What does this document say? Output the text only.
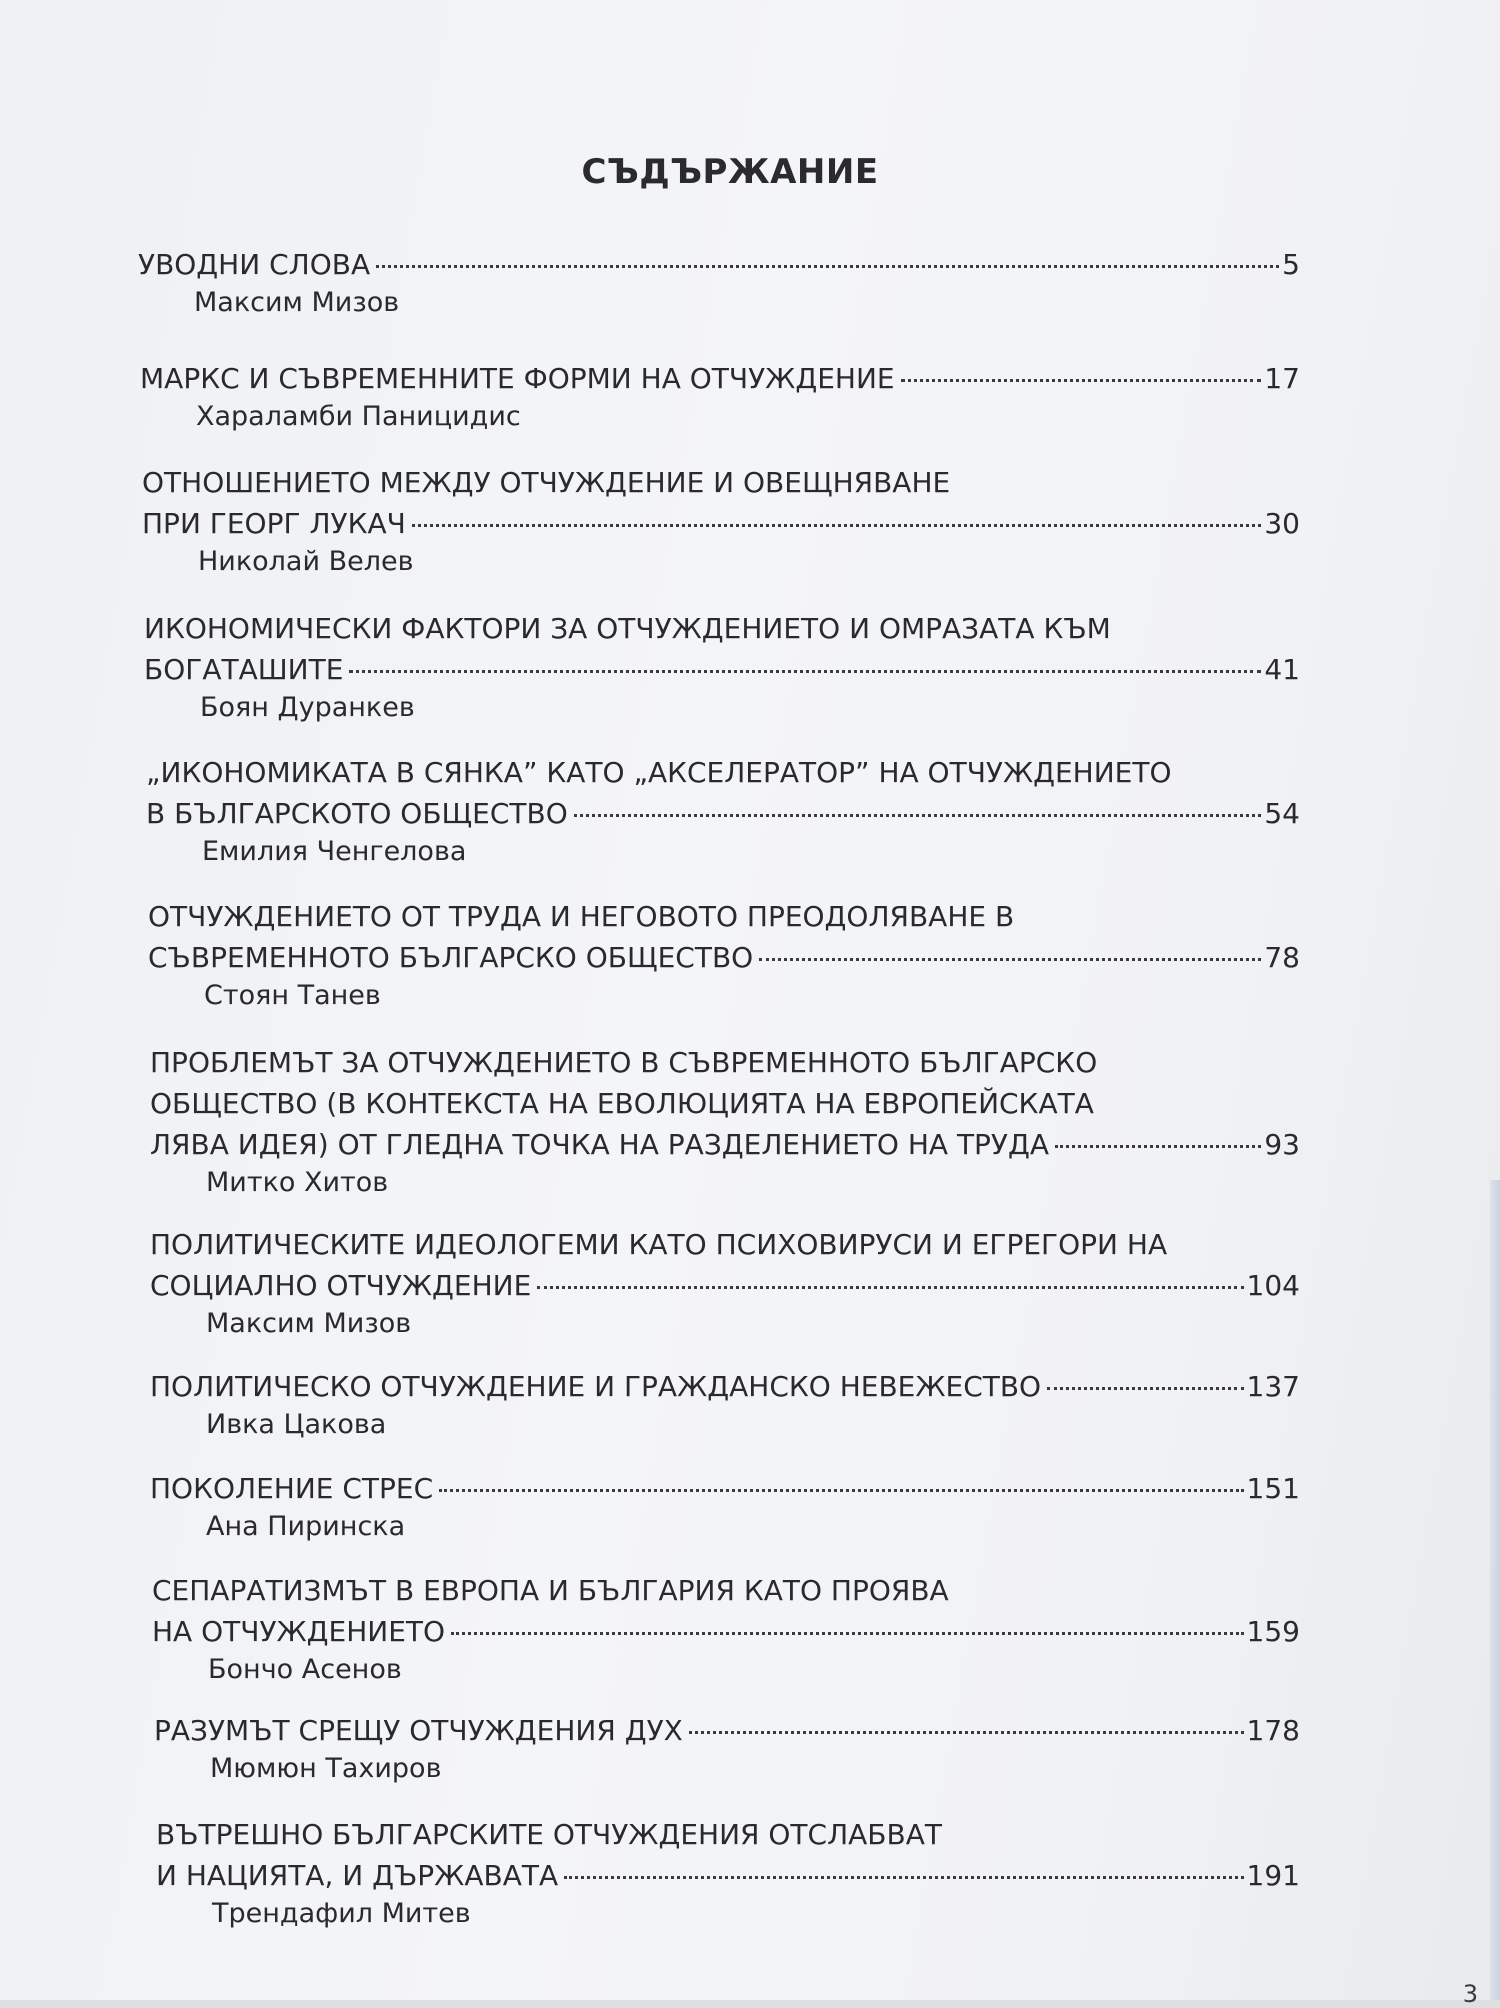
СЪДЪРЖАНИЕ
УВОДНИ СЛОВА	5
Максим Мизов
МАРКС И СЪВРЕМЕННИТЕ ФОРМИ НА ОТЧУЖДЕНИЕ	17
Хараламби Паницидис
ОТНОШЕНИЕТО МЕЖДУ ОТЧУЖДЕНИЕ И ОВЕЩНЯВАНЕ
ПРИ ГЕОРГ ЛУКАЧ	30
Николай Велев
ИКОНОМИЧЕСКИ ФАКТОРИ ЗА ОТЧУЖДЕНИЕТО И ОМРАЗАТА КЪМ
БОГАТАШИТЕ	41
Боян Дуранкев
„ИКОНОМИКАТА В СЯНКА” КАТО „АКСЕЛЕРАТОР” НА ОТЧУЖДЕНИЕТО
В БЪЛГАРСКОТО ОБЩЕСТВО	54
Емилия Ченгелова
ОТЧУЖДЕНИЕТО ОТ ТРУДА И НЕГОВОТО ПРЕОДОЛЯВАНЕ В
СЪВРЕМЕННОТО БЪЛГАРСКО ОБЩЕСТВО	78
Стоян Танев
ПРОБЛЕМЪТ ЗА ОТЧУЖДЕНИЕТО В СЪВРЕМЕННОТО БЪЛГАРСКО
ОБЩЕСТВО (В КОНТЕКСТА НА ЕВОЛЮЦИЯТА НА ЕВРОПЕЙСКАТА
ЛЯВА ИДЕЯ) ОТ ГЛЕДНА ТОЧКА НА РАЗДЕЛЕНИЕТО НА ТРУДА	93
Митко Хитов
ПОЛИТИЧЕСКИТЕ ИДЕОЛОГЕМИ КАТО ПСИХОВИРУСИ И ЕГРЕГОРИ НА
СОЦИАЛНО ОТЧУЖДЕНИЕ	104
Максим Мизов
ПОЛИТИЧЕСКО ОТЧУЖДЕНИЕ И ГРАЖДАНСКО НЕВЕЖЕСТВО	137
Ивка Цакова
ПОКОЛЕНИЕ СТРЕС	151
Ана Пиринска
СЕПАРАТИЗМЪТ В ЕВРОПА И БЪЛГАРИЯ КАТО ПРОЯВА
НА ОТЧУЖДЕНИЕТО	159
Бончо Асенов
РАЗУМЪТ СРЕЩУ ОТЧУЖДЕНИЯ ДУХ	178
Мюмюн Тахиров
ВЪТРЕШНО БЪЛГАРСКИТЕ ОТЧУЖДЕНИЯ ОТСЛАБВАТ
И НАЦИЯТА, И ДЪРЖАВАТА	191
Трендафил Митев
3
